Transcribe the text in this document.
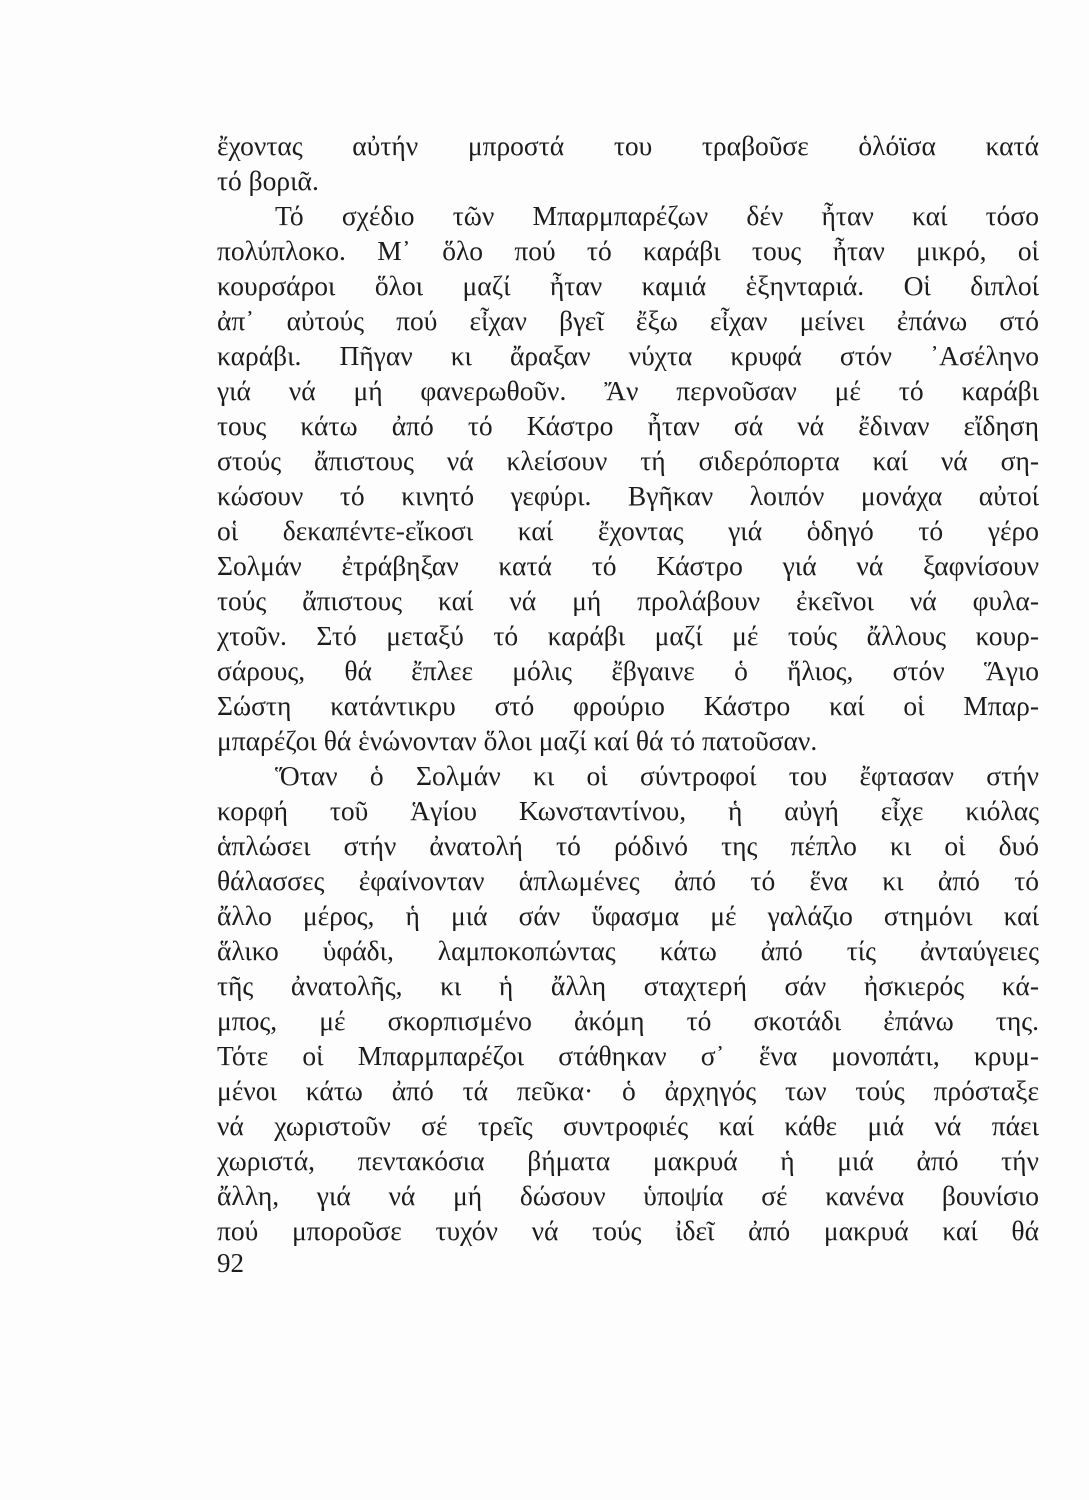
ἔχοντας αὐτήν μπροστά του τραβοῦσε ὁλόϊσα κατά
τό βοριᾶ.
Τό σχέδιο τῶν Μπαρμπαρέζων δέν ἦταν καί τόσο
πολύπλοκο. Μ᾽ ὅλο πού τό καράβι τους ἦταν μικρό, οἱ
κουρσάροι ὅλοι μαζί ἦταν καμιά ἑξηνταριά. Οἱ διπλοί
ἀπ᾽ αὐτούς πού εἶχαν βγεῖ ἔξω εἶχαν μείνει ἐπάνω στό
καράβι. Πῆγαν κι ἄραξαν νύχτα κρυφά στόν ᾿Ασέληνο
γιά νά μή φανερωθοῦν. Ἄν περνοῦσαν μέ τό καράβι
τους κάτω ἀπό τό Κάστρο ἦταν σά νά ἔδιναν εἴδηση
στούς ἄπιστους νά κλείσουν τή σιδερόπορτα καί νά ση-
κώσουν τό κινητό γεφύρι. Βγῆκαν λοιπόν μονάχα αὐτοί
οἱ δεκαπέντε-εἴκοσι καί ἔχοντας γιά ὁδηγό τό γέρο
Σολμάν ἐτράβηξαν κατά τό Κάστρο γιά νά ξαφνίσουν
τούς ἄπιστους καί νά μή προλάβουν ἐκεῖνοι νά φυλα-
χτοῦν. Στό μεταξύ τό καράβι μαζί μέ τούς ἄλλους κουρ-
σάρους, θά ἔπλεε μόλις ἔβγαινε ὁ ἥλιος, στόν Ἅγιο
Σώστη κατάντικρυ στό φρούριο Κάστρο καί οἱ Μπαρ-
μπαρέζοι θά ἑνώνονταν ὅλοι μαζί καί θά τό πατοῦσαν.
Ὅταν ὁ Σολμάν κι οἱ σύντροφοί του ἔφτασαν στήν
κορφή τοῦ Ἁγίου Κωνσταντίνου, ἡ αὐγή εἶχε κιόλας
ἁπλώσει στήν ἀνατολή τό ρόδινό της πέπλο κι οἱ δυό
θάλασσες ἐφαίνονταν ἁπλωμένες ἀπό τό ἕνα κι ἀπό τό
ἄλλο μέρος, ἡ μιά σάν ὕφασμα μέ γαλάζιο στημόνι καί
ἅλικο ὑφάδι, λαμποκοπώντας κάτω ἀπό τίς ἀνταύγειες
τῆς ἀνατολῆς, κι ἡ ἄλλη σταχτερή σάν ἠσκιερός κά-
μπος, μέ σκορπισμένο ἀκόμη τό σκοτάδι ἐπάνω της.
Τότε οἱ Μπαρμπαρέζοι στάθηκαν σ᾽ ἕνα μονοπάτι, κρυμ-
μένοι κάτω ἀπό τά πεῦκα· ὁ ἀρχηγός των τούς πρόσταξε
νά χωριστοῦν σέ τρεῖς συντροφιές καί κάθε μιά νά πάει
χωριστά, πεντακόσια βήματα μακρυά ἡ μιά ἀπό τήν
ἄλλη, γιά νά μή δώσουν ὑποψία σέ κανένα βουνίσιο
πού μποροῦσε τυχόν νά τούς ἰδεῖ ἀπό μακρυά καί θά
92
